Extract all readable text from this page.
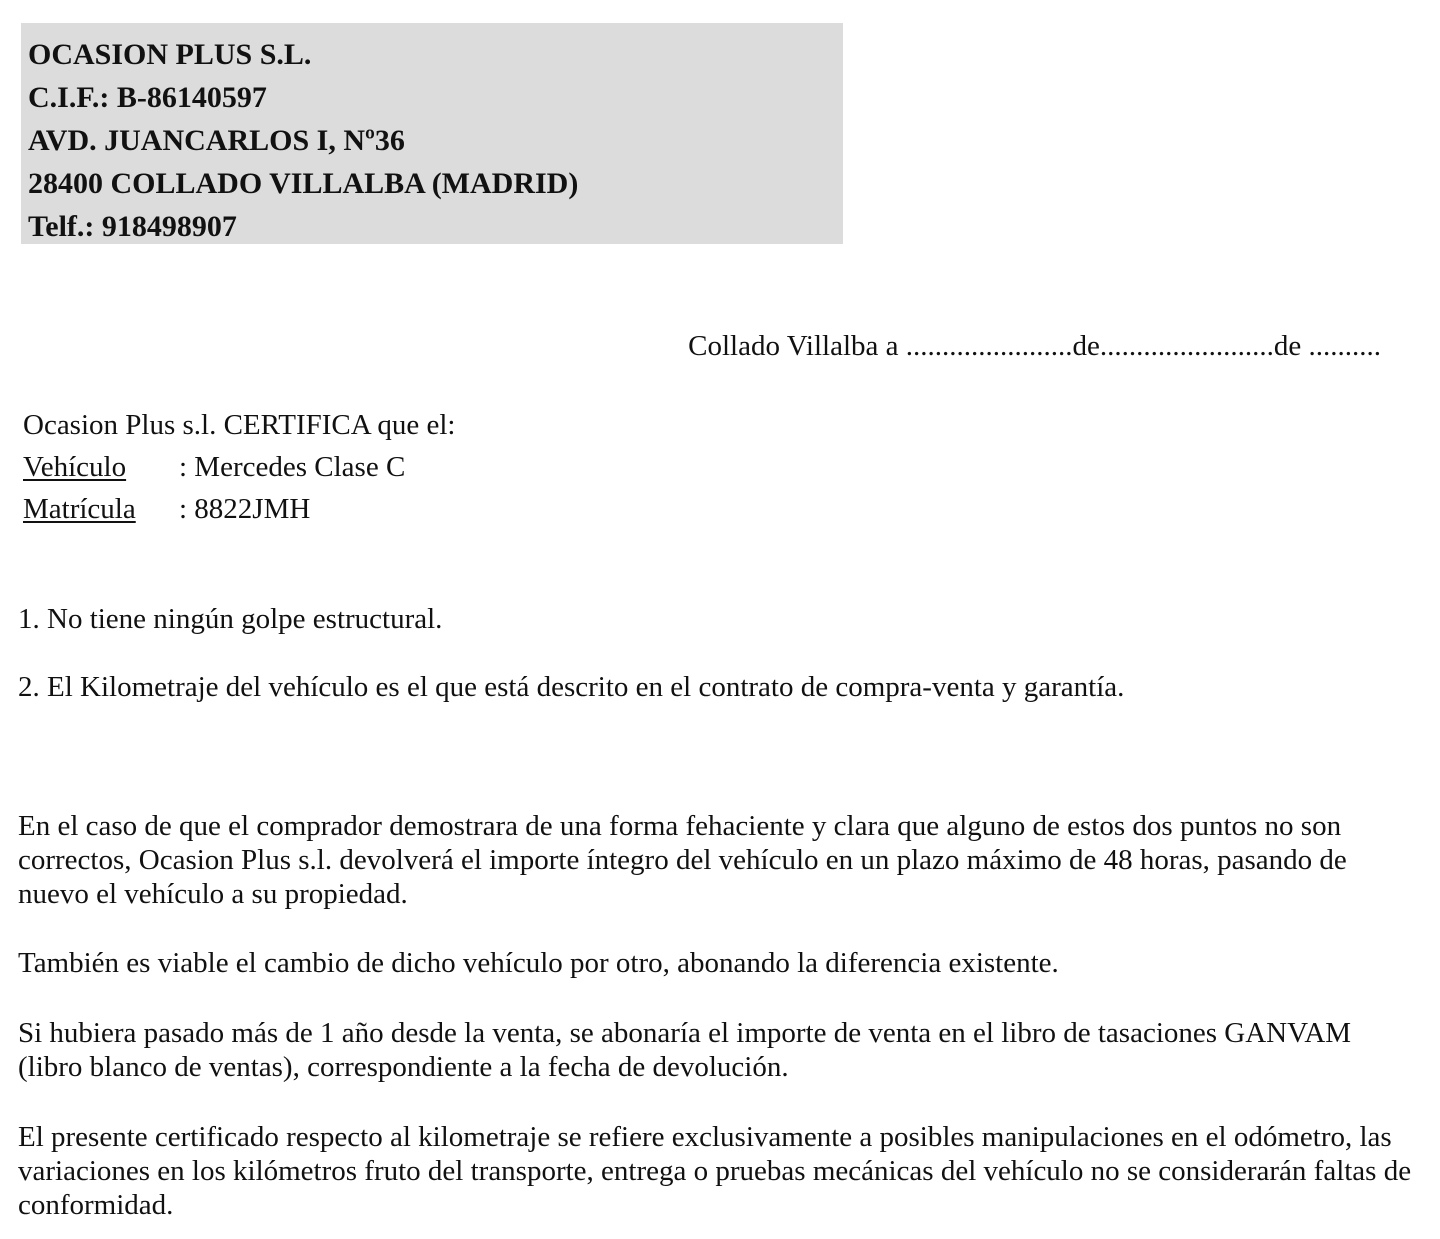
OCASION PLUS S.L.
C.I.F.: B-86140597
AVD. JUANCARLOS I, Nº36
28400 COLLADO VILLALBA (MADRID)
Telf.: 918498907
Collado Villalba a .......................de........................de ..........
Ocasion Plus s.l. CERTIFICA que el:
Vehículo : Mercedes Clase C
Matrícula : 8822JMH
1. No tiene ningún golpe estructural.
2. El Kilometraje del vehículo es el que está descrito en el contrato de compra-venta y garantía.
En el caso de que el comprador demostrara de una forma fehaciente y clara que alguno de estos dos puntos no son correctos, Ocasion Plus s.l. devolverá el importe íntegro del vehículo en un plazo máximo de 48 horas, pasando de nuevo el vehículo a su propiedad.
También es viable el cambio de dicho vehículo por otro, abonando la diferencia existente.
Si hubiera pasado más de 1 año desde la venta, se abonaría el importe de venta en el libro de tasaciones GANVAM (libro blanco de ventas), correspondiente a la fecha de devolución.
El presente certificado respecto al kilometraje se refiere exclusivamente a posibles manipulaciones en el odómetro, las variaciones en los kilómetros fruto del transporte, entrega o pruebas mecánicas del vehículo no se considerarán faltas de conformidad.
